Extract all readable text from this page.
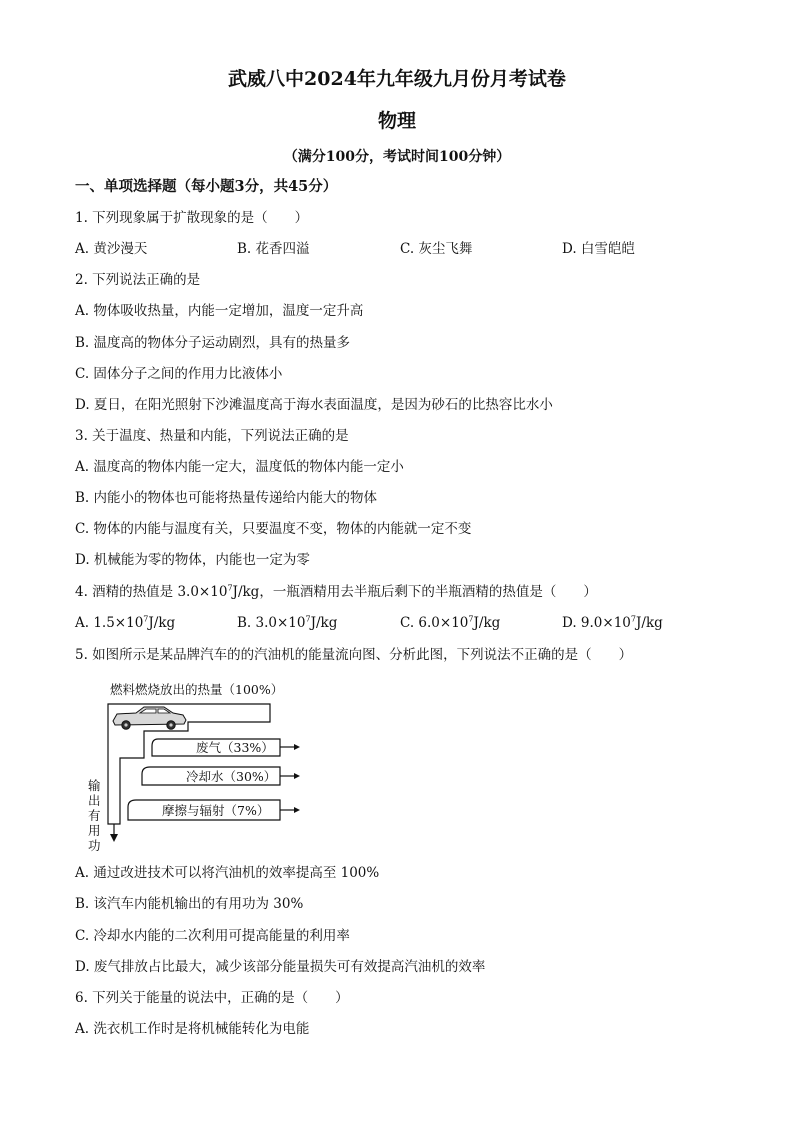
武威八中2024年九年级九月份月考试卷
物理
（满分100分，考试时间100分钟）
一、单项选择题（每小题3分，共45分）
1. 下列现象属于扩散现象的是（　　）
A. 黄沙漫天	B. 花香四溢	C. 灰尘飞舞	D. 白雪皑皑
2. 下列说法正确的是
A. 物体吸收热量，内能一定增加，温度一定升高
B. 温度高的物体分子运动剧烈，具有的热量多
C. 固体分子之间的作用力比液体小
D. 夏日，在阳光照射下沙滩温度高于海水表面温度，是因为砂石的比热容比水小
3. 关于温度、热量和内能，下列说法正确的是
A. 温度高的物体内能一定大，温度低的物体内能一定小
B. 内能小的物体也可能将热量传递给内能大的物体
C. 物体的内能与温度有关，只要温度不变，物体的内能就一定不变
D. 机械能为零的物体，内能也一定为零
4. 酒精的热值是 $3.0\times 10^7J/kg$，一瓶酒精用去半瓶后剩下的半瓶酒精的热值是（　　）
A. $1.5\times 10^7J/kg$	B. $3.0\times 10^7J/kg$	C. $6.0\times 10^7J/kg$	D. $9.0\times 10^7J/kg$
5. 如图所示是某品牌汽车的的汽油机的能量流向图、分析此图，下列说法不正确的是（　　）
燃料燃烧放出的热量（100%）
废气（33%）
冷却水（30%）
摩擦与辐射（7%）
输
出
有
用
功
A. 通过改进技术可以将汽油机的效率提高至 100%
B. 该汽车内能机输出的有用功为 30%
C. 冷却水内能的二次利用可提高能量的利用率
D. 废气排放占比最大，减少该部分能量损失可有效提高汽油机的效率
6. 下列关于能量的说法中，正确的是（　　）
A. 洗衣机工作时是将机械能转化为电能
